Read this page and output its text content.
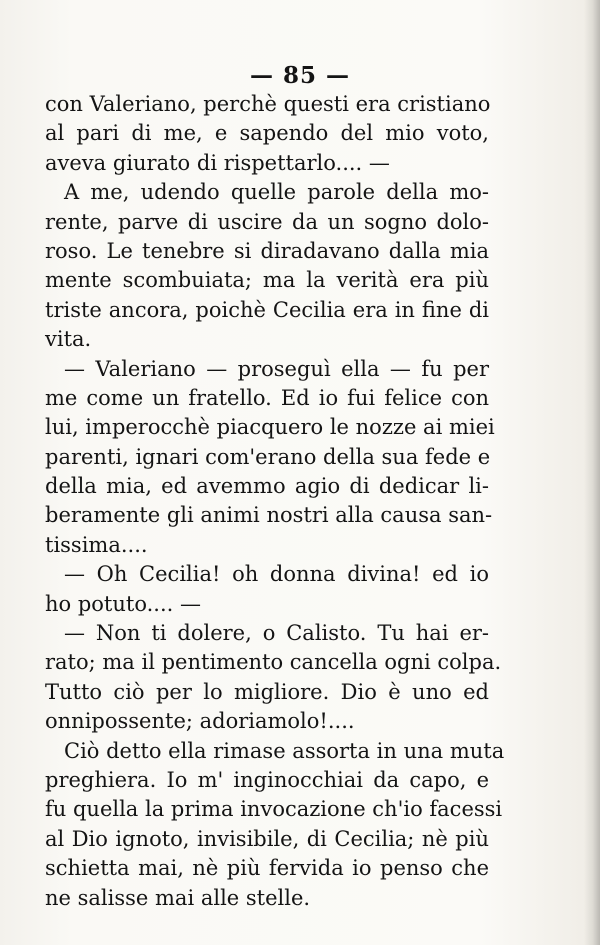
— 85 —
con Valeriano, perchè questi era cristiano
al pari di me, e sapendo del mio voto,
aveva giurato di rispettarlo.... —
A me, udendo quelle parole della mo-
rente, parve di uscire da un sogno dolo-
roso. Le tenebre si diradavano dalla mia
mente scombuiata; ma la verità era più
triste ancora, poichè Cecilia era in fine di
vita.
— Valeriano — proseguì ella — fu per
me come un fratello. Ed io fui felice con
lui, imperocchè piacquero le nozze ai miei
parenti, ignari com'erano della sua fede e
della mia, ed avemmo agio di dedicar li-
beramente gli animi nostri alla causa san-
tissima....
— Oh Cecilia! oh donna divina! ed io
ho potuto.... —
— Non ti dolere, o Calisto. Tu hai er-
rato; ma il pentimento cancella ogni colpa.
Tutto ciò per lo migliore. Dio è uno ed
onnipossente; adoriamolo!....
Ciò detto ella rimase assorta in una muta
preghiera. Io m' inginocchiai da capo, e
fu quella la prima invocazione ch'io facessi
al Dio ignoto, invisibile, di Cecilia; nè più
schietta mai, nè più fervida io penso che
ne salisse mai alle stelle.
